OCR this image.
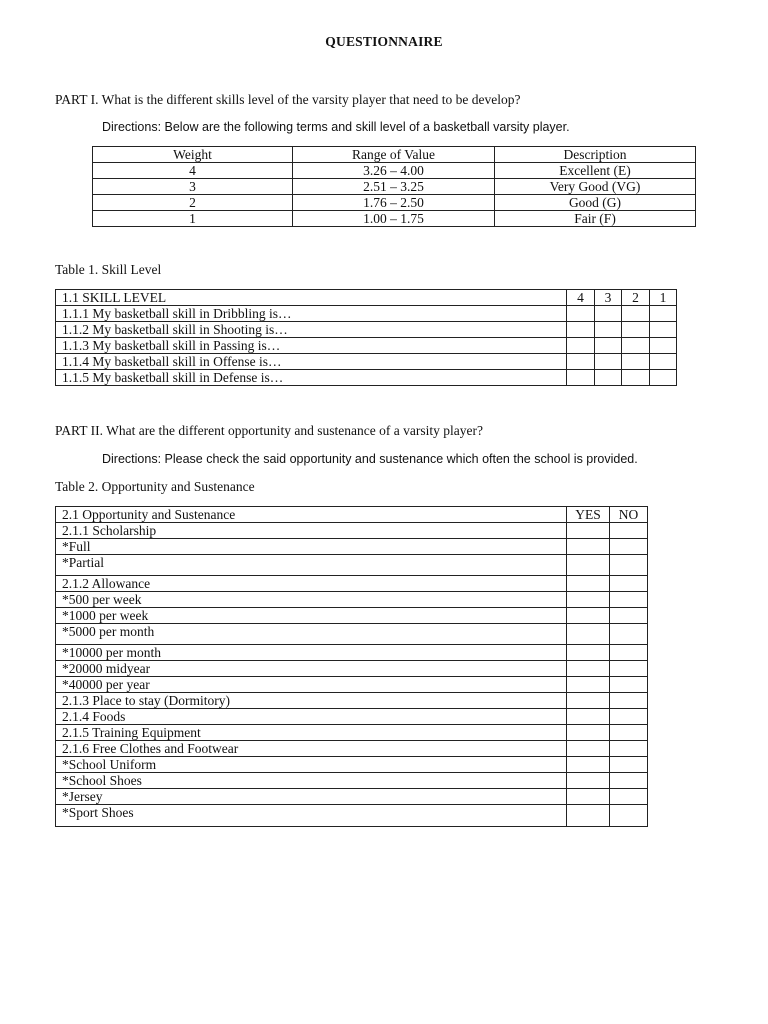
QUESTIONNAIRE
PART I. What is the different skills level of the varsity player that need to be develop?
Directions: Below are the following terms and skill level of a basketball varsity player.
Weight	Range of Value	Description
4	3.26 – 4.00	Excellent (E)
3	2.51 – 3.25	Very Good (VG)
2	1.76 – 2.50	Good (G)
1	1.00 – 1.75	Fair (F)
Table 1. Skill Level
1.1 SKILL LEVEL	4	3	2	1
1.1.1 My basketball skill in Dribbling is…				
1.1.2 My basketball skill in Shooting is…				
1.1.3 My basketball skill in Passing is…				
1.1.4 My basketball skill in Offense is…				
1.1.5 My basketball skill in Defense is…				
PART II. What are the different opportunity and sustenance of a varsity player?
Directions: Please check the said opportunity and sustenance which often the school is provided.
Table 2. Opportunity and Sustenance
2.1 Opportunity and Sustenance	YES	NO
2.1.1 Scholarship		
*Full		
*Partial		
2.1.2 Allowance		
*500 per week		
*1000 per week		
*5000 per month		
*10000 per month		
*20000 midyear		
*40000 per year		
2.1.3 Place to stay (Dormitory)		
2.1.4 Foods		
2.1.5 Training Equipment		
2.1.6 Free Clothes and Footwear		
*School Uniform		
*School Shoes		
*Jersey		
*Sport Shoes		
